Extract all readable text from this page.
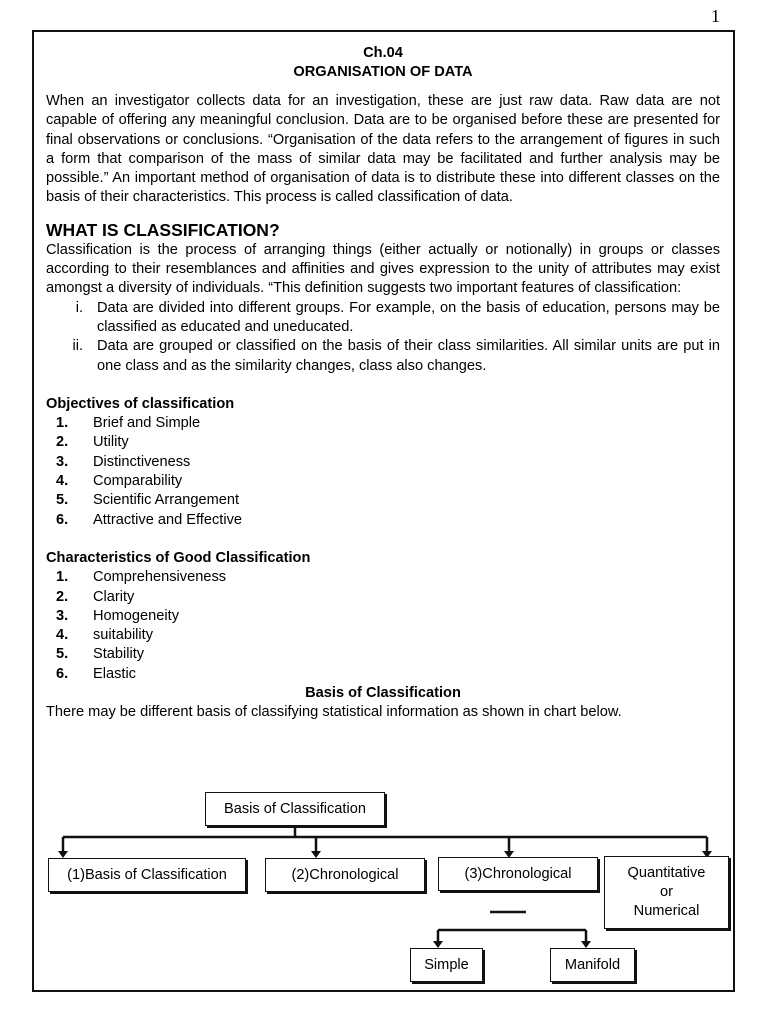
1
Ch.04
ORGANISATION OF DATA

When an investigator collects data for an investigation, these are just raw data. Raw data are not capable of offering any meaningful conclusion. Data are to be organised before these are presented for final observations or conclusions. “Organisation of the data refers to the arrangement of figures in such a form that comparison of the mass of similar data may be facilitated and further analysis may be possible.” An important method of organisation of data is to distribute these into different classes on the basis of their characteristics. This process is called classification of data.

WHAT IS CLASSIFICATION?

Classification is the process of arranging things (either actually or notionally) in groups or classes according to their resemblances and affinities and gives expression to the unity of attributes may exist amongst a diversity of individuals. “This definition suggests two important features of classification:

i. Data are divided into different groups. For example, on the basis of education, persons may be classified as educated and uneducated.
ii. Data are grouped or classified on the basis of their class similarities. All similar units are put in one class and as the similarity changes, class also changes.
Objectives of classification
1. Brief and Simple
2. Utility
3. Distinctiveness
4. Comparability
5. Scientific Arrangement
6. Attractive and Effective
Characteristics of Good Classification
1. Comprehensiveness
2. Clarity
3. Homogeneity
4. suitability
5. Stability
6. Elastic
Basis of Classification

There may be different basis of classifying statistical information as shown in chart below.

Basis of Classification
(1)Basis of Classification	(2)Chronological	(3)Chronological	Quantitative
or
Numerical
Simple	Manifold
